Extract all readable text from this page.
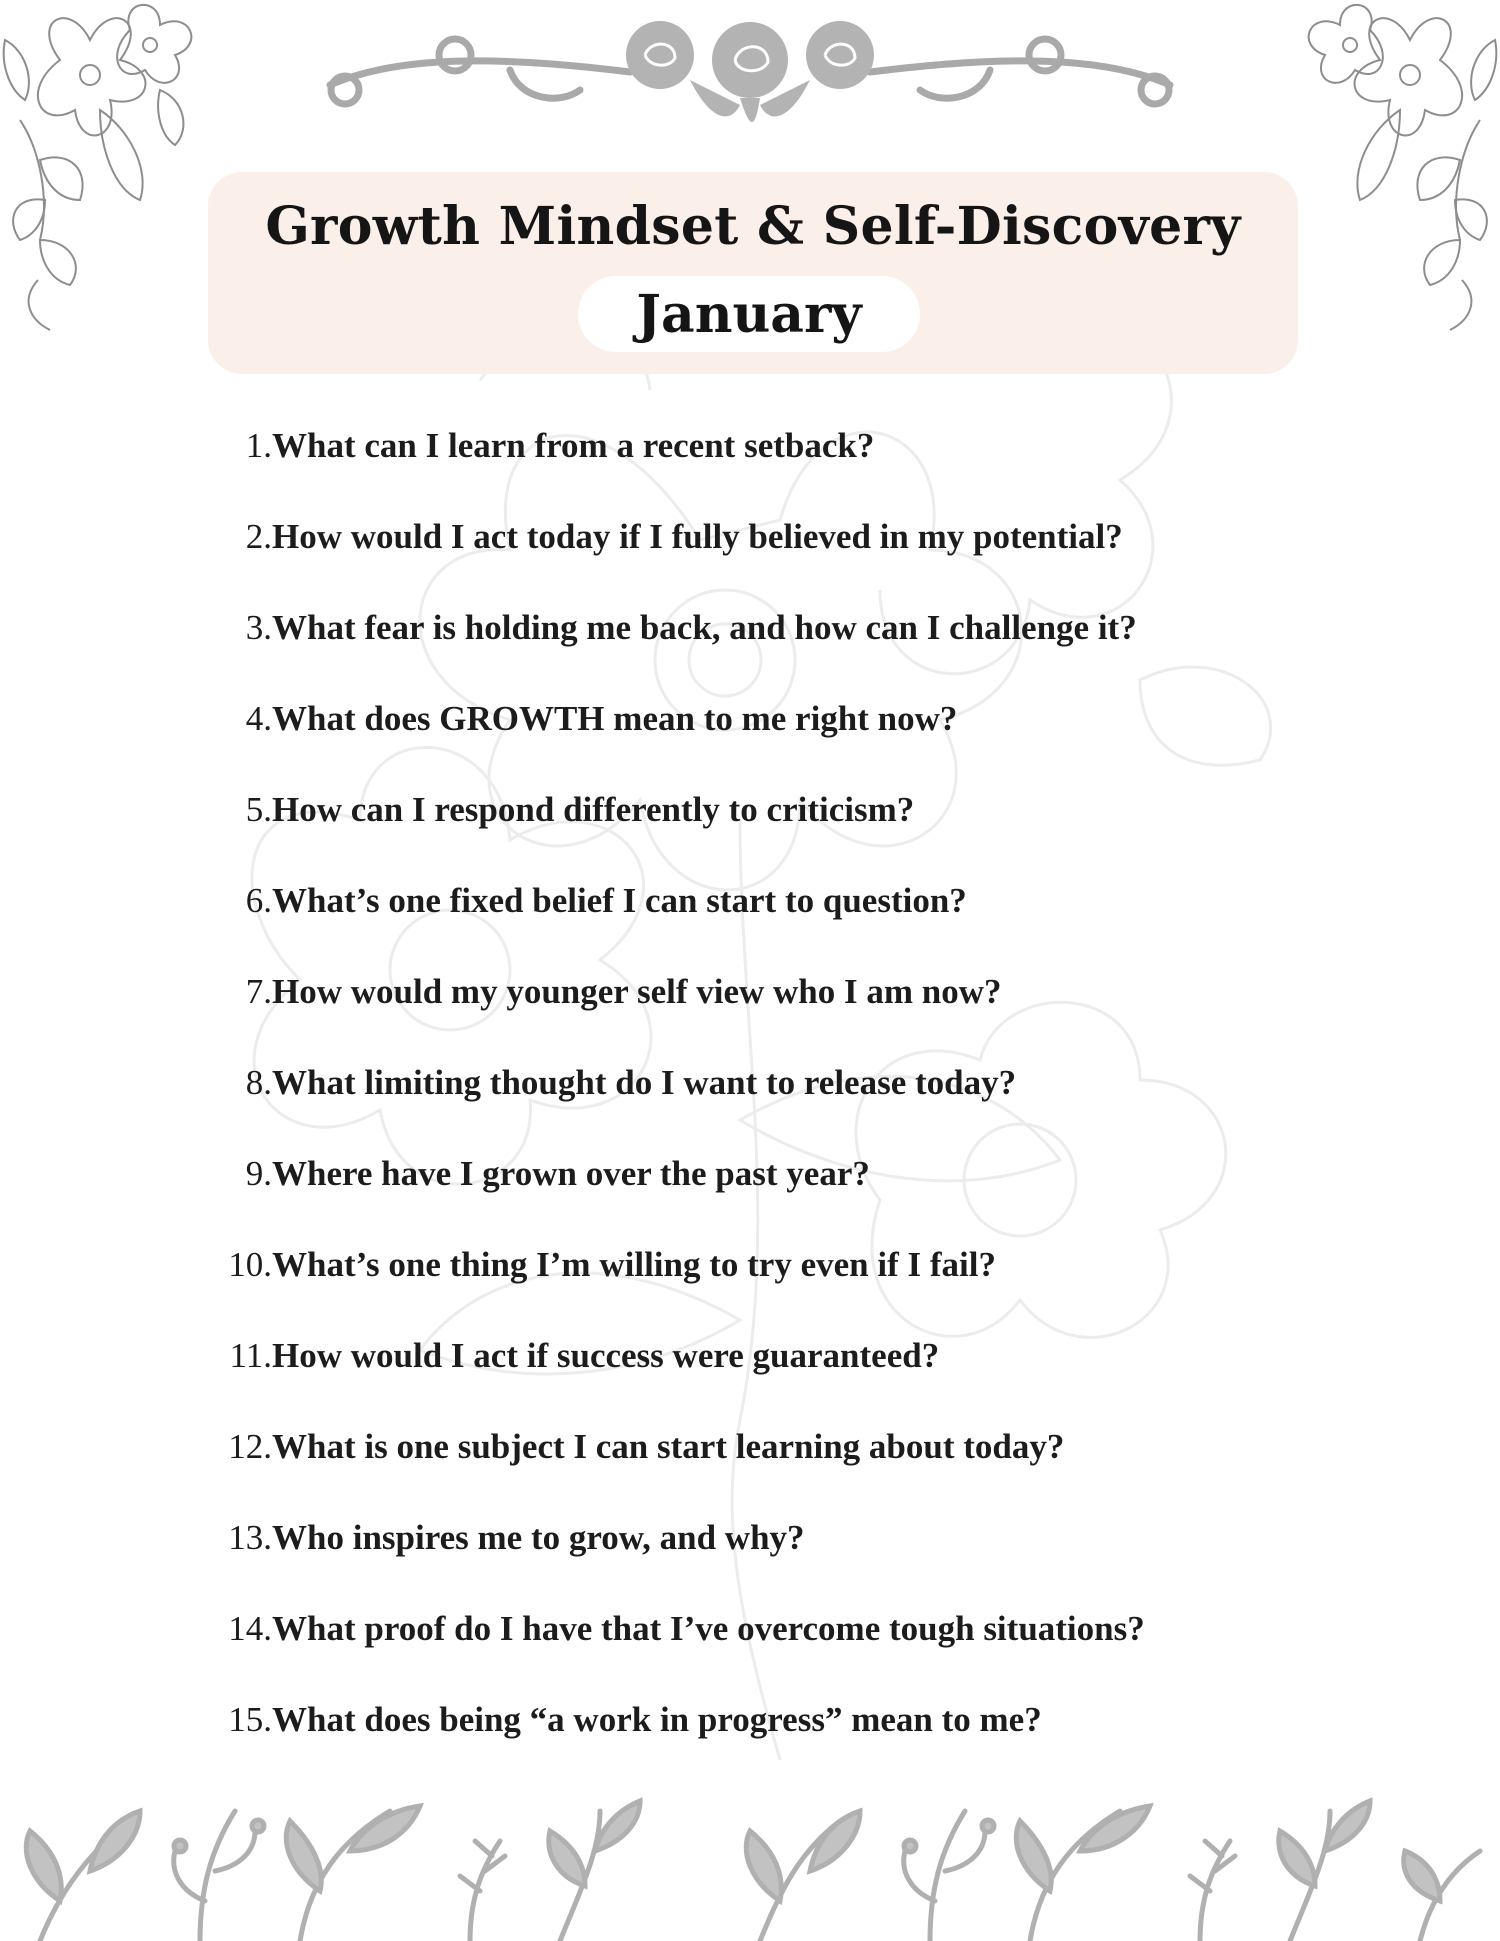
Growth Mindset & Self-Discovery
January
1. What can I learn from a recent setback?
2. How would I act today if I fully believed in my potential?
3. What fear is holding me back, and how can I challenge it?
4. What does GROWTH mean to me right now?
5. How can I respond differently to criticism?
6. What’s one fixed belief I can start to question?
7. How would my younger self view who I am now?
8. What limiting thought do I want to release today?
9. Where have I grown over the past year?
10. What’s one thing I’m willing to try even if I fail?
11. How would I act if success were guaranteed?
12. What is one subject I can start learning about today?
13. Who inspires me to grow, and why?
14. What proof do I have that I’ve overcome tough situations?
15. What does being “a work in progress” mean to me?
